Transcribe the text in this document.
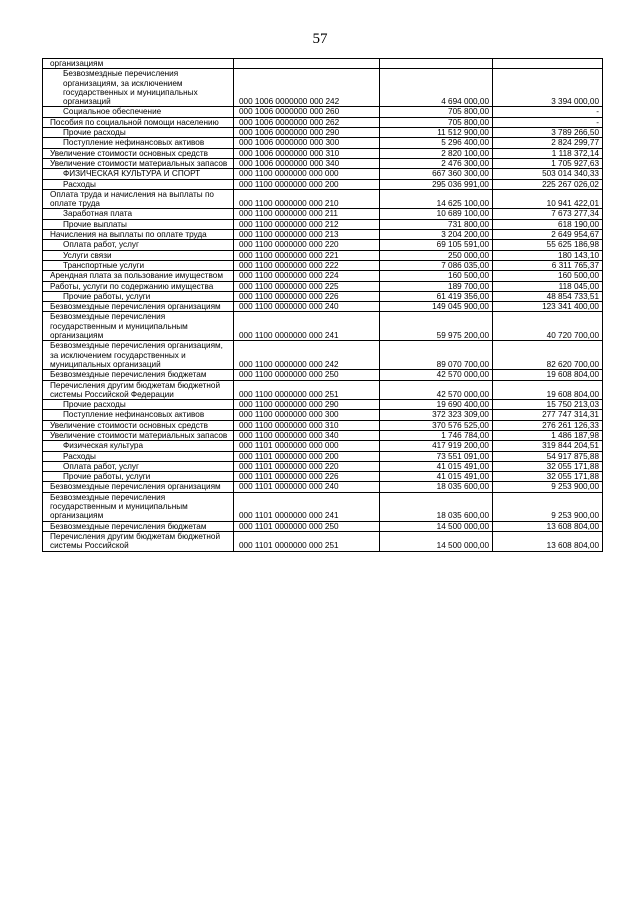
57
организациям			
Безвозмездные перечисления организациям, за исключением государственных и муниципальных организаций	000 1006 0000000 000 242	4 694 000,00	3 394 000,00
Социальное обеспечение	000 1006 0000000 000 260	705 800,00	-
Пособия по социальной помощи населению	000 1006 0000000 000 262	705 800,00	-
Прочие расходы	000 1006 0000000 000 290	11 512 900,00	3 789 266,50
Поступление нефинансовых активов	000 1006 0000000 000 300	5 296 400,00	2 824 299,77
Увеличение стоимости основных средств	000 1006 0000000 000 310	2 820 100,00	1 118 372,14
Увеличение стоимости материальных запасов	000 1006 0000000 000 340	2 476 300,00	1 705 927,63
ФИЗИЧЕСКАЯ КУЛЬТУРА И СПОРТ	000 1100 0000000 000 000	667 360 300,00	503 014 340,33
Расходы	000 1100 0000000 000 200	295 036 991,00	225 267 026,02
Оплата труда и начисления на выплаты по оплате труда	000 1100 0000000 000 210	14 625 100,00	10 941 422,01
Заработная плата	000 1100 0000000 000 211	10 689 100,00	7 673 277,34
Прочие выплаты	000 1100 0000000 000 212	731 800,00	618 190,00
Начисления на выплаты по оплате труда	000 1100 0000000 000 213	3 204 200,00	2 649 954,67
Оплата работ, услуг	000 1100 0000000 000 220	69 105 591,00	55 625 186,98
Услуги связи	000 1100 0000000 000 221	250 000,00	180 143,10
Транспортные услуги	000 1100 0000000 000 222	7 086 035,00	6 311 765,37
Арендная плата за пользование имуществом	000 1100 0000000 000 224	160 500,00	160 500,00
Работы, услуги по содержанию имущества	000 1100 0000000 000 225	189 700,00	118 045,00
Прочие работы, услуги	000 1100 0000000 000 226	61 419 356,00	48 854 733,51
Безвозмездные перечисления организациям	000 1100 0000000 000 240	149 045 900,00	123 341 400,00
Безвозмездные перечисления государственным и муниципальным организациям	000 1100 0000000 000 241	59 975 200,00	40 720 700,00
Безвозмездные перечисления организациям, за исключением государственных и муниципальных организаций	000 1100 0000000 000 242	89 070 700,00	82 620 700,00
Безвозмездные перечисления бюджетам	000 1100 0000000 000 250	42 570 000,00	19 608 804,00
Перечисления другим бюджетам бюджетной системы Российской Федерации	000 1100 0000000 000 251	42 570 000,00	19 608 804,00
Прочие расходы	000 1100 0000000 000 290	19 690 400,00	15 750 213,03
Поступление нефинансовых активов	000 1100 0000000 000 300	372 323 309,00	277 747 314,31
Увеличение стоимости основных средств	000 1100 0000000 000 310	370 576 525,00	276 261 126,33
Увеличение стоимости материальных запасов	000 1100 0000000 000 340	1 746 784,00	1 486 187,98
Физическая культура	000 1101 0000000 000 000	417 919 200,00	319 844 204,51
Расходы	000 1101 0000000 000 200	73 551 091,00	54 917 875,88
Оплата работ, услуг	000 1101 0000000 000 220	41 015 491,00	32 055 171,88
Прочие работы, услуги	000 1101 0000000 000 226	41 015 491,00	32 055 171,88
Безвозмездные перечисления организациям	000 1101 0000000 000 240	18 035 600,00	9 253 900,00
Безвозмездные перечисления государственным и муниципальным организациям	000 1101 0000000 000 241	18 035 600,00	9 253 900,00
Безвозмездные перечисления бюджетам	000 1101 0000000 000 250	14 500 000,00	13 608 804,00
Перечисления другим бюджетам бюджетной системы Российской	000 1101 0000000 000 251	14 500 000,00	13 608 804,00
